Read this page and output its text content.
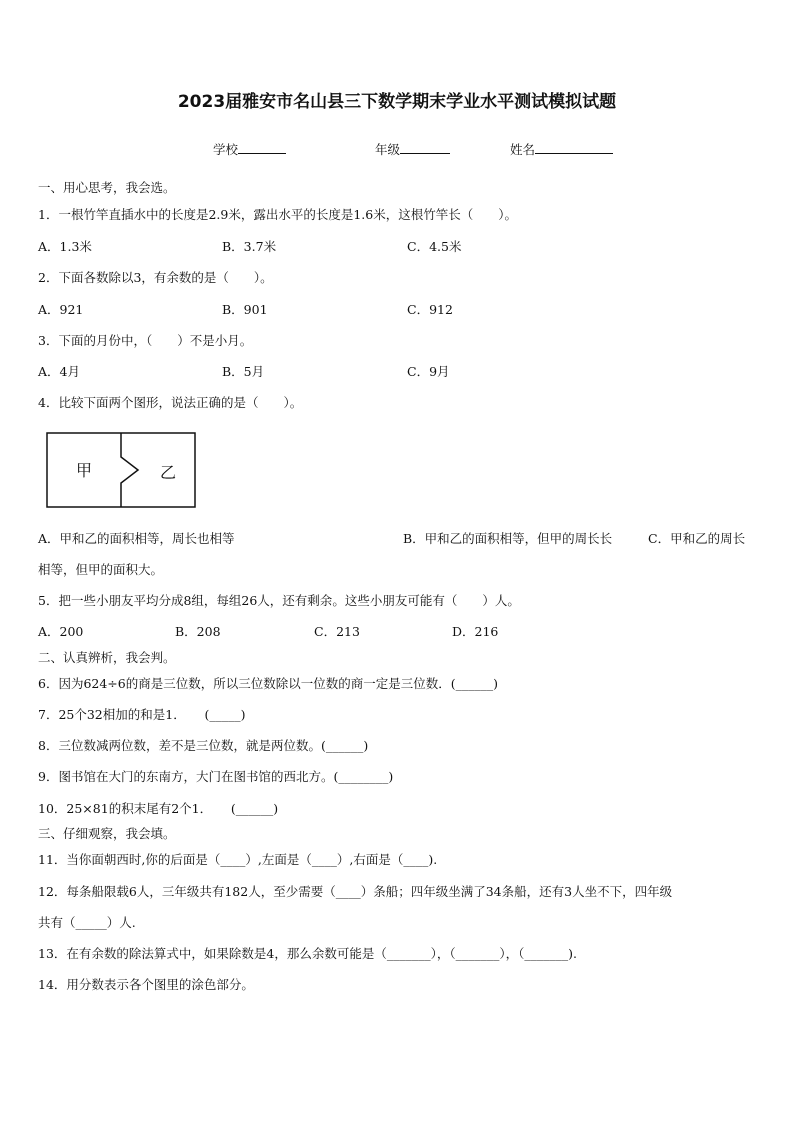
2023届雅安市名山县三下数学期末学业水平测试模拟试题
学校	年级	姓名
一、用心思考，我会选。
1．一根竹竿直插水中的长度是2.9米，露出水平的长度是1.6米，这根竹竿长（　　）。
A．1.3米	B．3.7米	C．4.5米
2．下面各数除以3，有余数的是（　　）。
A．921	B．901	C．912
3．下面的月份中，（　　）不是小月。
A．4月	B．5月	C．9月
4．比较下面两个图形，说法正确的是（　　）。
甲	乙
A．甲和乙的面积相等，周长也相等	B．甲和乙的面积相等，但甲的周长长	C．甲和乙的周长
相等，但甲的面积大。
5．把一些小朋友平均分成8组，每组26人，还有剩余。这些小朋友可能有（　　）人。
A．200	B．208	C．213	D．216
二、认真辨析，我会判。
6．因为624÷6的商是三位数，所以三位数除以一位数的商一定是三位数．(______)
7．25个32相加的和是1．　　(_____)
8．三位数减两位数，差不是三位数，就是两位数。(______)
9．图书馆在大门的东南方，大门在图书馆的西北方。(________)
10．25×81的积末尾有2个1．　　(______)
三、仔细观察，我会填。
11．当你面朝西时,你的后面是（____）,左面是（____）,右面是（____).
12．每条船限载6人，三年级共有182人，至少需要（____）条船；四年级坐满了34条船，还有3人坐不下，四年级
共有（_____）人.
13．在有余数的除法算式中，如果除数是4，那么余数可能是（_______），（_______），（_______).
14．用分数表示各个图里的涂色部分。
